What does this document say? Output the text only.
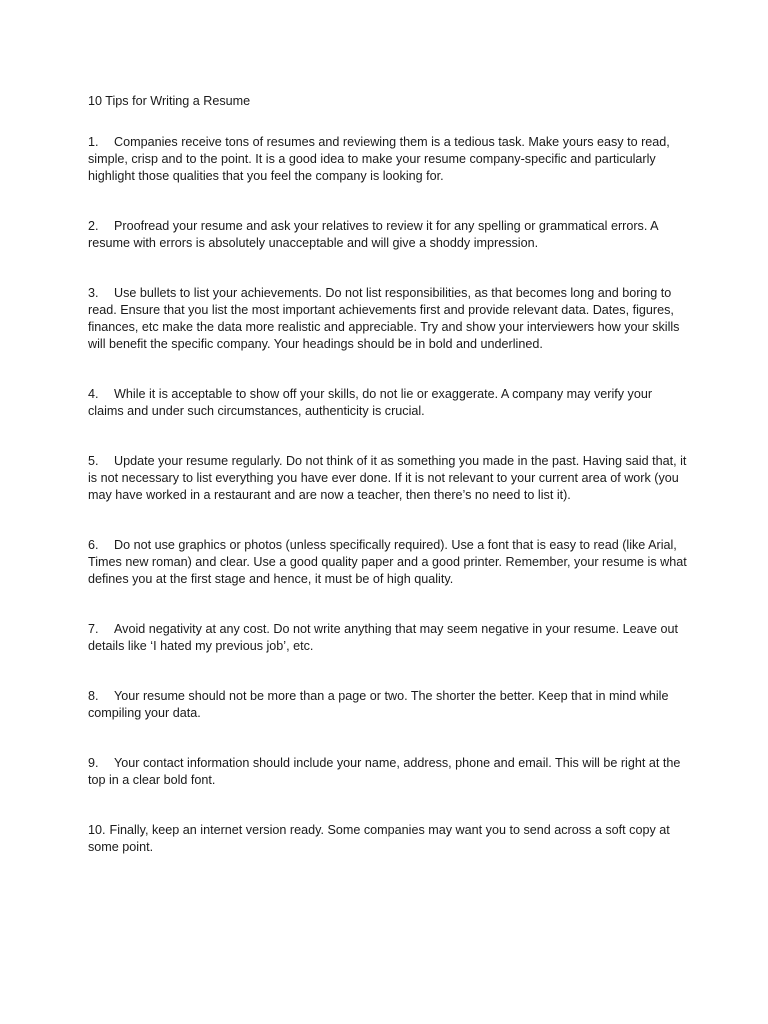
10 Tips for Writing a Resume
1. Companies receive tons of resumes and reviewing them is a tedious task. Make yours easy to read, simple, crisp and to the point. It is a good idea to make your resume company-specific and particularly highlight those qualities that you feel the company is looking for.
2. Proofread your resume and ask your relatives to review it for any spelling or grammatical errors. A resume with errors is absolutely unacceptable and will give a shoddy impression.
3. Use bullets to list your achievements. Do not list responsibilities, as that becomes long and boring to read. Ensure that you list the most important achievements first and provide relevant data. Dates, figures, finances, etc make the data more realistic and appreciable. Try and show your interviewers how your skills will benefit the specific company. Your headings should be in bold and underlined.
4. While it is acceptable to show off your skills, do not lie or exaggerate. A company may verify your claims and under such circumstances, authenticity is crucial.
5. Update your resume regularly. Do not think of it as something you made in the past. Having said that, it is not necessary to list everything you have ever done. If it is not relevant to your current area of work (you may have worked in a restaurant and are now a teacher, then there’s no need to list it).
6. Do not use graphics or photos (unless specifically required). Use a font that is easy to read (like Arial, Times new roman) and clear. Use a good quality paper and a good printer. Remember, your resume is what defines you at the first stage and hence, it must be of high quality.
7. Avoid negativity at any cost. Do not write anything that may seem negative in your resume. Leave out details like ‘I hated my previous job’, etc.
8. Your resume should not be more than a page or two. The shorter the better. Keep that in mind while compiling your data.
9. Your contact information should include your name, address, phone and email. This will be right at the top in a clear bold font.
10. Finally, keep an internet version ready. Some companies may want you to send across a soft copy at some point.
